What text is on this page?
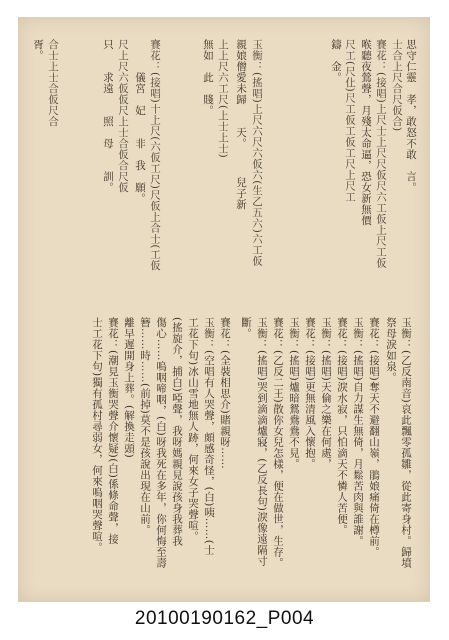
思守仁靈　孝，敢怒不敢　言。
士合上尺合尺仮合)
賽花：(接唱)上尺士上尺尺仮尺六工仮上尺工仮
喉聽夜鶯聲，月殘太命逼，恐女新無價
尺工(尺仩)尺工仮工仮工尺上尺工
鑄　金。
玉衡：(搖唱)上尺六尺六仮六(生乙五六)六工仮
親娘僧愛未歸　　天。　　　兒子新
上上尺六工尺(上士上士)
無如　此　賤。
賽花：(接唱)十上尺(六仮工尺)尺仮上合士(工仮
　　　儀宮　妃　　非　我　願。
尺上尺六仮仮尺上士合仮合尺仮
只　　求遠　　照　母　　訓。
合士上士合仮尺合
胥。
玉衡：(乙反南音)哀此飄零孤雛，從此寄身村。歸墳
祭母淚如泉。
賽花：(接唱)奪天不避翻山嶺，鵑娘痛倚在樽前。
玉衡：(搖唱)自力謀生無倚，月鬆苦肉與誰謝。
賽花：(接唱)淚水寂，只怕滴天不憐人苦便。
玉衡：(搖唱)天倫之樂在何處，
賽花：(接唱)更無清風入懷抱。
玉衡：(搖唱)爐暗鴛鴦鴦不見。
賽花：(乙反二王)散你女兒怎樣，便在做世，生存。
玉衡：(搖唱)哭到滴滴爐寢，(乙反長句)淚像遠隔寸
斷。
賽花：(全裝相思介)賭親呀……
玉衡：(空唱有人哭聲，頗感奇怪，(白)咦……(士
工花下句)冰山雪地無人跡，何來女子哭聲喧。
(搖旋介，捕白)啞聲，我呀媽親見說孩身我葬我
傷心……嗚咽啼咽，(白)呀我死在多年，你何悔至壽
簪……時……(前掉)莫不是孩說出現在山前。
離早遲開身上葬。(解換走頭)
賽花：(潮見玉衡哭聲介懷疑)(白)係條命聲，接
士工花下句)獨有孤村尋弱女，何來嗚咽哭聲喧。
20100190162_P004
